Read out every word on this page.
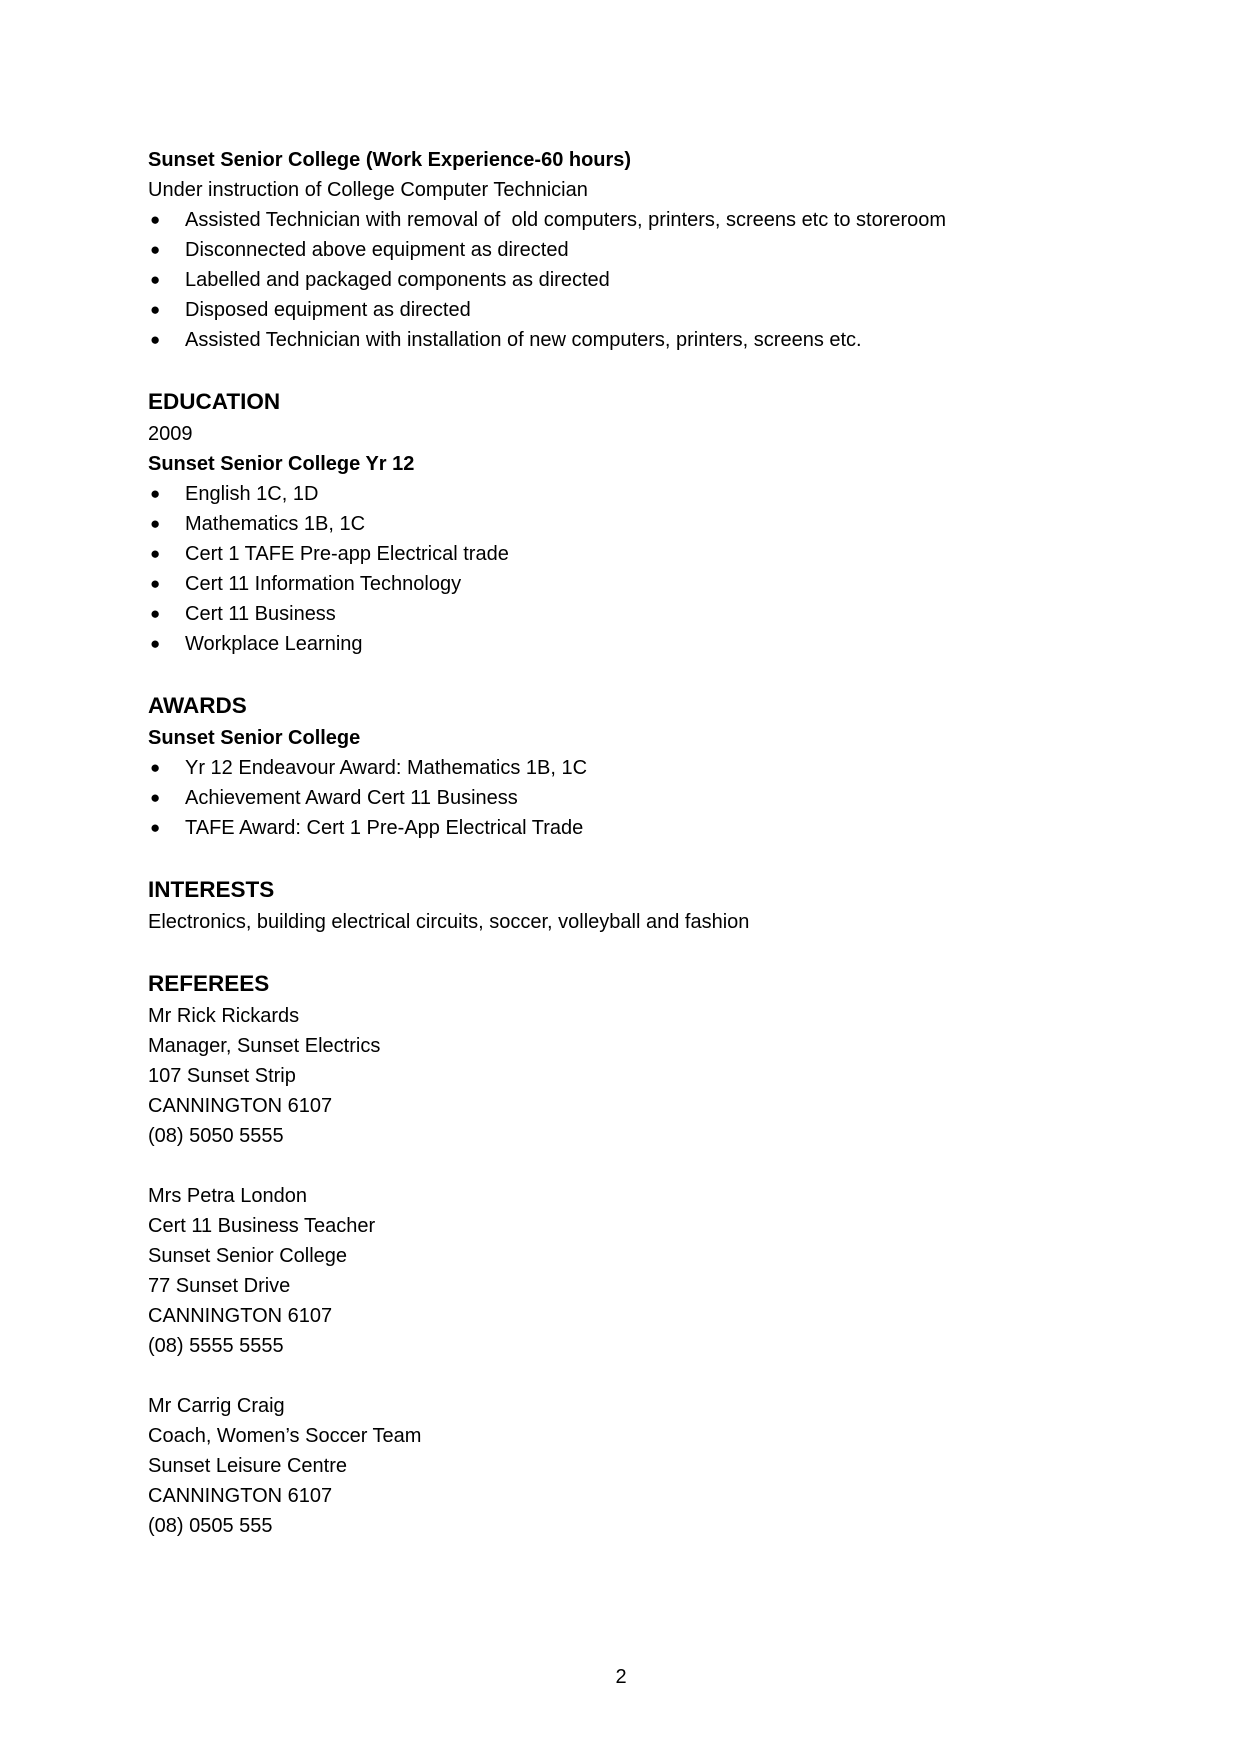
Sunset Senior College (Work Experience-60 hours)
Under instruction of College Computer Technician
● Assisted Technician with removal of  old computers, printers, screens etc to storeroom
● Disconnected above equipment as directed
● Labelled and packaged components as directed
● Disposed equipment as directed
● Assisted Technician with installation of new computers, printers, screens etc.
EDUCATION
2009
Sunset Senior College Yr 12
● English 1C, 1D
● Mathematics 1B, 1C
● Cert 1 TAFE Pre-app Electrical trade
● Cert 11 Information Technology
● Cert 11 Business
● Workplace Learning
AWARDS
Sunset Senior College
● Yr 12 Endeavour Award: Mathematics 1B, 1C
● Achievement Award Cert 11 Business
● TAFE Award: Cert 1 Pre-App Electrical Trade
INTERESTS
Electronics, building electrical circuits, soccer, volleyball and fashion
REFEREES
Mr Rick Rickards
Manager, Sunset Electrics
107 Sunset Strip
CANNINGTON 6107
(08) 5050 5555
Mrs Petra London
Cert 11 Business Teacher
Sunset Senior College
77 Sunset Drive
CANNINGTON 6107
(08) 5555 5555
Mr Carrig Craig
Coach, Women’s Soccer Team
Sunset Leisure Centre
CANNINGTON 6107
(08) 0505 555
2
